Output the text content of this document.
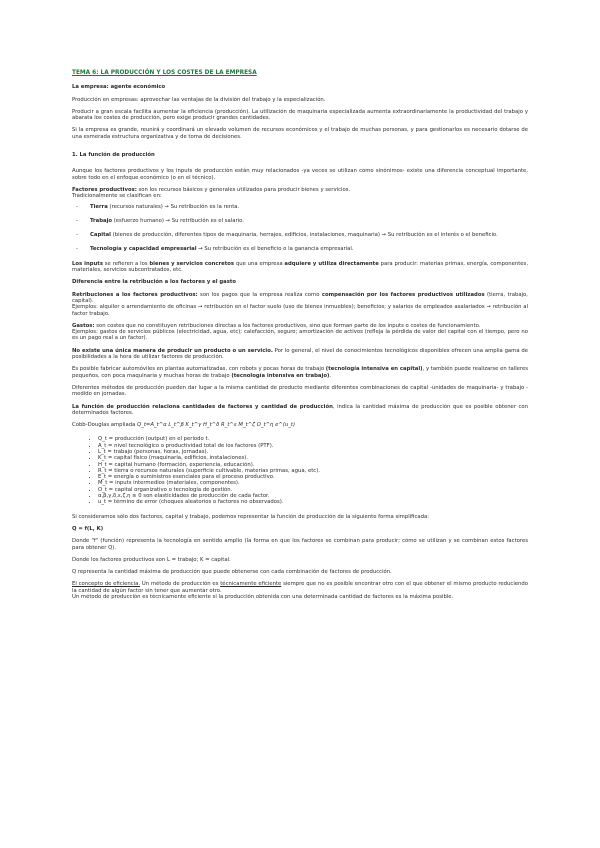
TEMA 6: LA PRODUCCIÓN Y LOS COSTES DE LA EMPRESA
La empresa: agente económico

Producción en empresas: aprovechar las ventajas de la división del trabajo y la especialización.

Producir a gran escala facilita aumentar la eficiencia (producción). La utilización de maquinaria especializada aumenta extraordinariamente la productividad del trabajo y abarata los costes de producción, pero exige producir grandes cantidades.

Si la empresa es grande, reunirá y coordinará un elevado volumen de recursos económicos y el trabajo de muchas personas, y para gestionarlos es necesario dotarse de una esmerada estructura organizativa y de toma de decisiones.

1. La función de producción

Aunque los factores productivos y los inputs de producción están muy relacionados -ya veces se utilizan como sinónimos- existe una diferencia conceptual importante, sobre todo en el enfoque económico (o en el técnico).

Factores productivos: son los recursos básicos y generales utilizados para producir bienes y servicios.
Tradicionalmente se clasifican en:

- Tierra (recursos naturales) → Su retribución es la renta.
- Trabajo (esfuerzo humano) → Su retribución es el salario.
- Capital (bienes de producción, diferentes tipos de maquinaria, herrajes, edificios, instalaciones, maquinaria) → Su retribución es el interés o el beneficio.
- Tecnología y capacidad empresarial → Su retribución es el beneficio o la ganancia empresarial.

Los inputs se refieren a los bienes y servicios concretos que una empresa adquiere y utiliza directamente para producir: materias primas, energía, componentes, materiales, servicios subcontratados, etc.

Diferencia entre la retribución a los factores y el gasto

Retribuciones a los factores productivos: son los pagos que la empresa realiza como compensación por los factores productivos utilizados (tierra, trabajo, capital).
Ejemplos: alquiler o arrendamiento de oficinas → retribución en el factor suelo (uso de bienes inmuebles); beneficios; y salarios de empleados asalariados → retribución al factor trabajo.

Gastos: son costes que no constituyen retribuciones directas a los factores productivos, sino que forman parte de los inputs o costes de funcionamiento.
Ejemplos: gastos de servicios públicos (electricidad, agua, etc); calefacción, seguro; amortización de activos (refleja la pérdida de valor del capital con el tiempo, pero no es un pago real a un factor).

No existe una única manera de producir un producto o un servicio. Por lo general, el nivel de conocimientos tecnológicos disponibles ofrecen una amplia gama de posibilidades a la hora de utilizar factores de producción.

Es posible fabricar automóviles en plantas automatizadas, con robots y pocas horas de trabajo (tecnología intensiva en capital), y también puede realizarse en talleres pequeños, con poca maquinaria y muchas horas de trabajo (tecnología intensiva en trabajo).

Diferentes métodos de producción pueden dar lugar a la misma cantidad de producto mediante diferentes combinaciones de capital -unidades de maquinaria- y trabajo -medido en jornadas.

La función de producción relaciona cantidades de factores y cantidad de producción, indica la cantidad máxima de producción que es posible obtener con determinados factores.

Cobb-Douglas ampliada Q_t=A_t^α L_t^β K_t^γ H_t^δ R_t^ε M_t^ζ O_t^η e^(u_t)

• Q_t = producción (output) en el periodo t.
• A_t = nivel tecnológico o productividad total de los factores (PTF).
• L_t = trabajo (personas, horas, jornadas).
• K_t = capital físico (maquinaria, edificios, instalaciones).
• H_t = capital humano (formación, experiencia, educación).
• R_t = tierra o recursos naturales (superficie cultivable, materias primas, agua, etc).
• E_t = energía o suministros esenciales para el proceso productivo.
• M_t = inputs intermedios (materiales, componentes).
• O_t = capital organizativo o tecnología de gestión.
• α,β,γ,δ,ε,ζ,η ≥ 0 son elasticidades de producción de cada factor.
• u_t = término de error (choques aleatorios o factores no observados).

Si consideramos sólo dos factores, capital y trabajo, podemos representar la función de producción de la siguiente forma simplificada:

Q = f(L, K)

Donde "f" (función) representa la tecnología en sentido amplio (la forma en que los factores se combinan para producir; cómo se utilizan y se combinan estos factores para obtener Q).

Donde los factores productivos son L = trabajo; K = capital.

Q representa la cantidad máxima de producción que puede obtenerse con cada combinación de factores de producción.

El concepto de eficiencia. Un método de producción es técnicamente eficiente siempre que no es posible encontrar otro con el que obtener el mismo producto reduciendo la cantidad de algún factor sin tener que aumentar otro.
Un método de producción es técnicamente eficiente si la producción obtenida con una determinada cantidad de factores es la máxima posible.
